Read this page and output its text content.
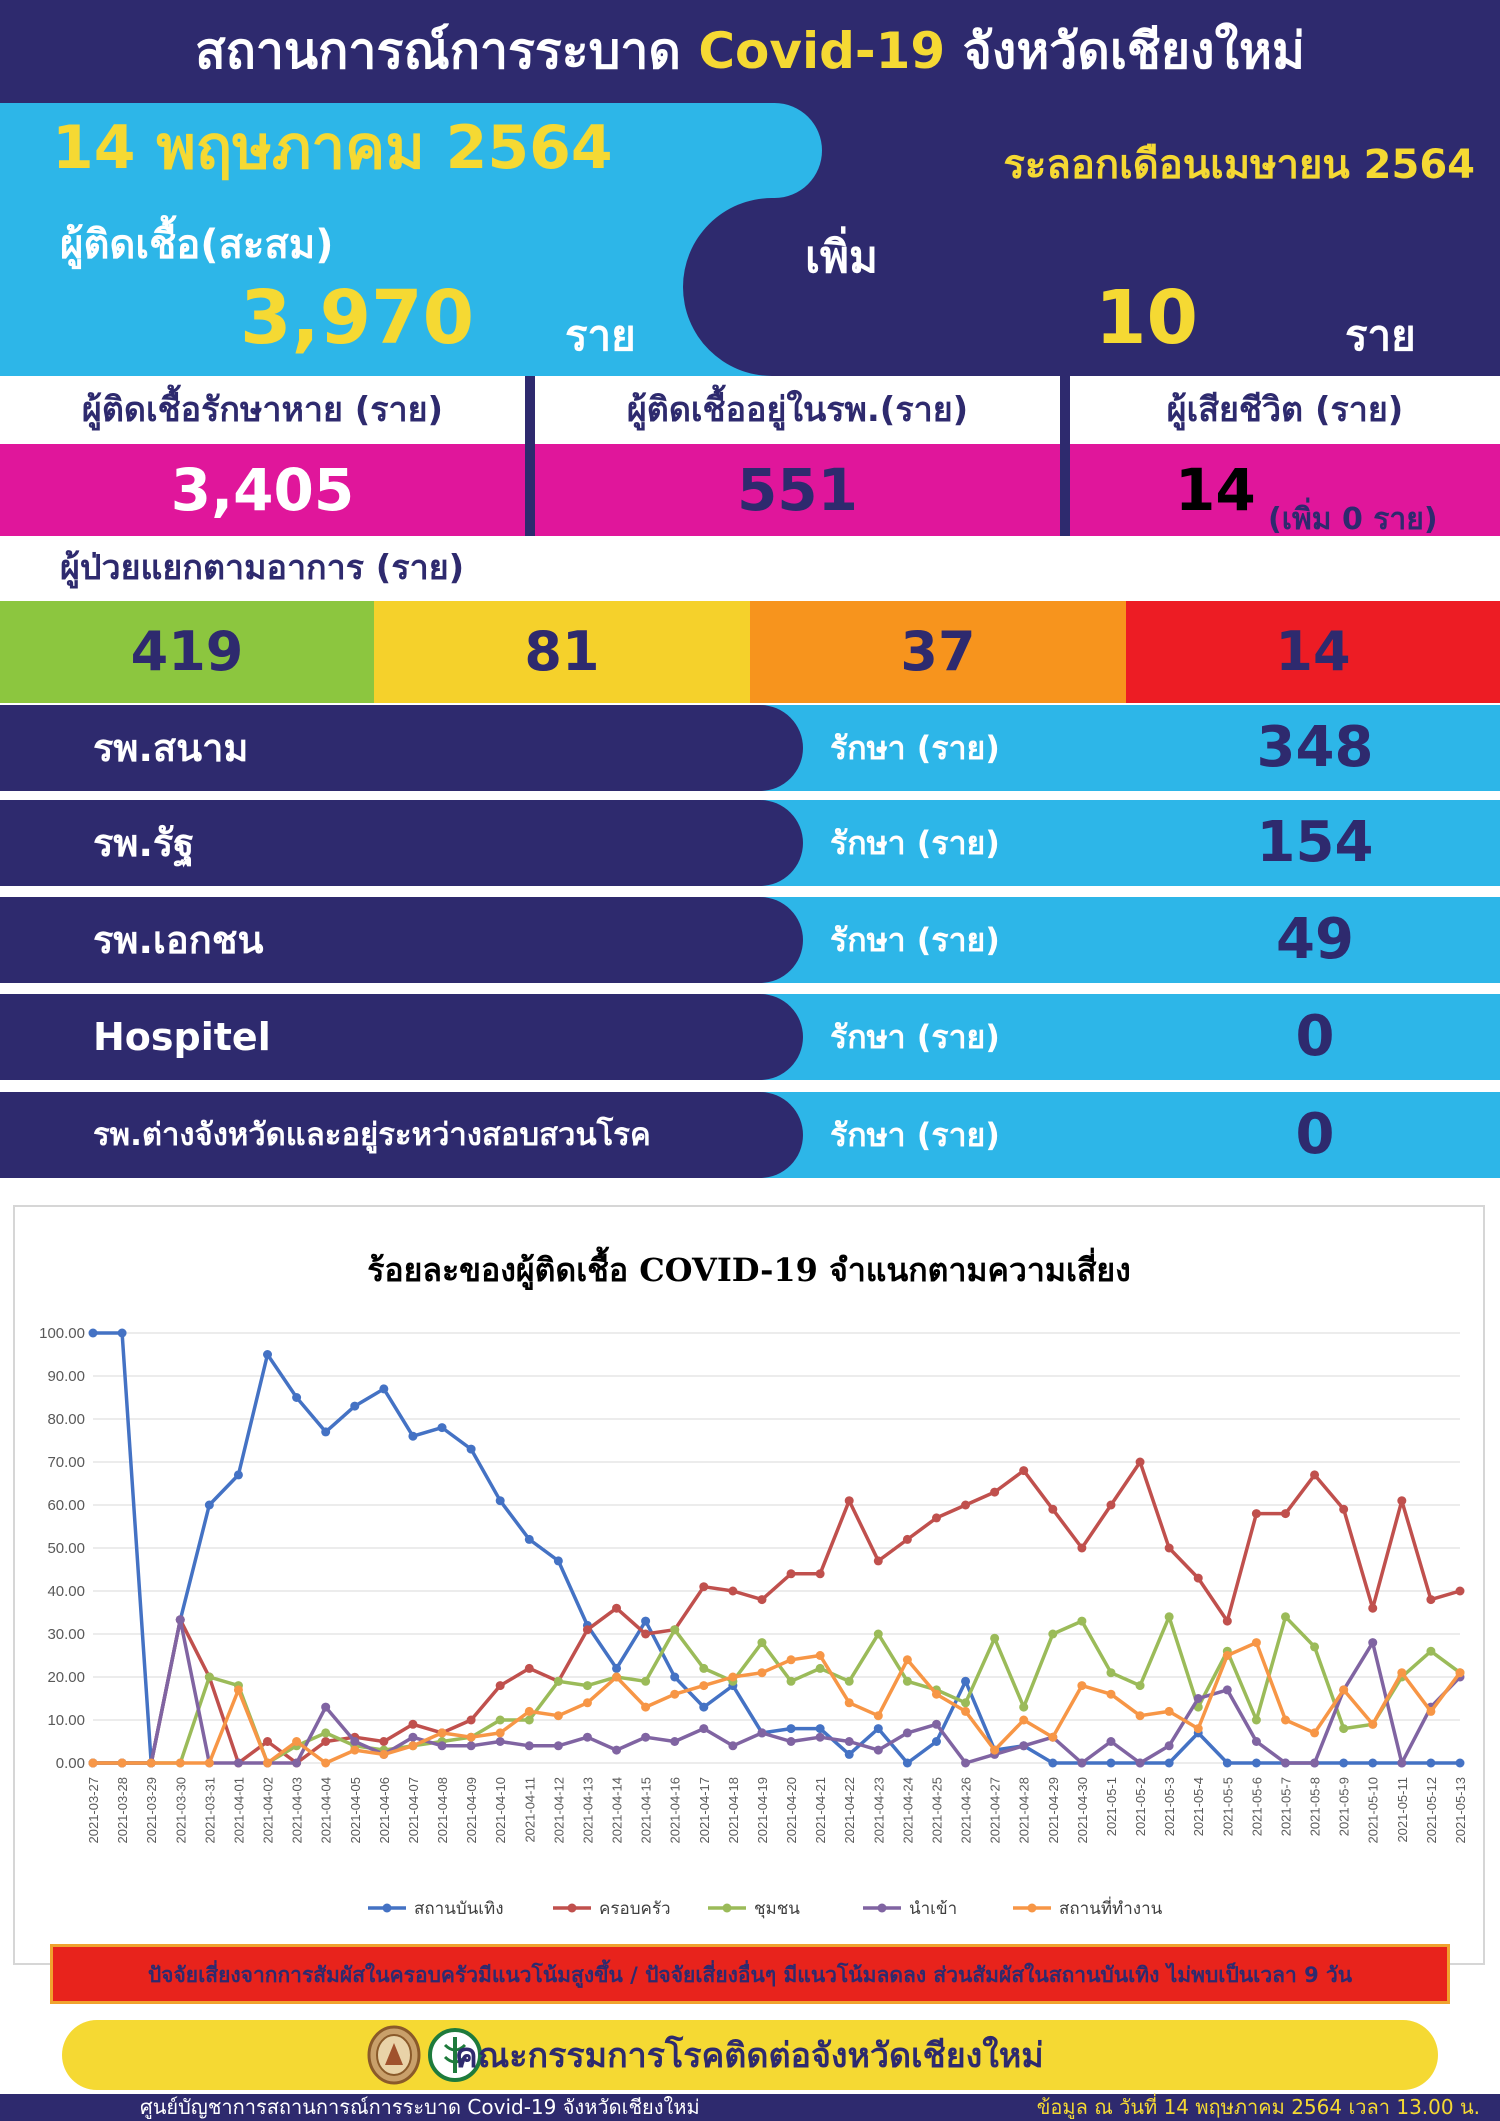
สถานการณ์การระบาด Covid-19 จังหวัดเชียงใหม่
14 พฤษภาคม 2564	ระลอกเดือนเมษายน 2564
ผู้ติดเชื้อ(สะสม)
3,970	ราย
เพิ่ม
10	ราย
ผู้ติดเชื้อรักษาหาย (ราย)	ผู้ติดเชื้ออยู่ในรพ.(ราย)	ผู้เสียชีวิต (ราย)
3,405	551	14 (เพิ่ม 0 ราย)
ผู้ป่วยแยกตามอาการ (ราย)
419	81	37	14
รพ.สนาม	รักษา (ราย)	348
รพ.รัฐ	รักษา (ราย)	154
รพ.เอกชน	รักษา (ราย)	49
Hospitel	รักษา (ราย)	0
รพ.ต่างจังหวัดและอยู่ระหว่างสอบสวนโรค	รักษา (ราย)	0
ร้อยละของผู้ติดเชื้อ COVID-19 จำแนกตามความเสี่ยง
0.00
10.00
20.00
30.00
40.00
50.00
60.00
70.00
80.00
90.00
100.00
2021-03-27 2021-03-28 2021-03-29 2021-03-30 2021-03-31 2021-04-01 2021-04-02 2021-04-03 2021-04-04 2021-04-05 2021-04-06 2021-04-07 2021-04-08 2021-04-09 2021-04-10 2021-04-11 2021-04-12 2021-04-13 2021-04-14 2021-04-15 2021-04-16 2021-04-17 2021-04-18 2021-04-19 2021-04-20 2021-04-21 2021-04-22 2021-04-23 2021-04-24 2021-04-25 2021-04-26 2021-04-27 2021-04-28 2021-04-29 2021-04-30 2021-05-1 2021-05-2 2021-05-3 2021-05-4 2021-05-5 2021-05-6 2021-05-7 2021-05-8 2021-05-9 2021-05-10 2021-05-11 2021-05-12 2021-05-13
สถานบันเทิง	ครอบครัว	ชุมชน	นำเข้า	สถานที่ทำงาน
ปัจจัยเสี่ยงจากการสัมผัสในครอบครัวมีแนวโน้มสูงขึ้น / ปัจจัยเสี่ยงอื่นๆ มีแนวโน้มลดลง ส่วนสัมผัสในสถานบันเทิง ไม่พบเป็นเวลา 9 วัน
คณะกรรมการโรคติดต่อจังหวัดเชียงใหม่
ศูนย์บัญชาการสถานการณ์การระบาด Covid-19 จังหวัดเชียงใหม่	ข้อมูล ณ วันที่ 14 พฤษภาคม 2564 เวลา 13.00 น.
